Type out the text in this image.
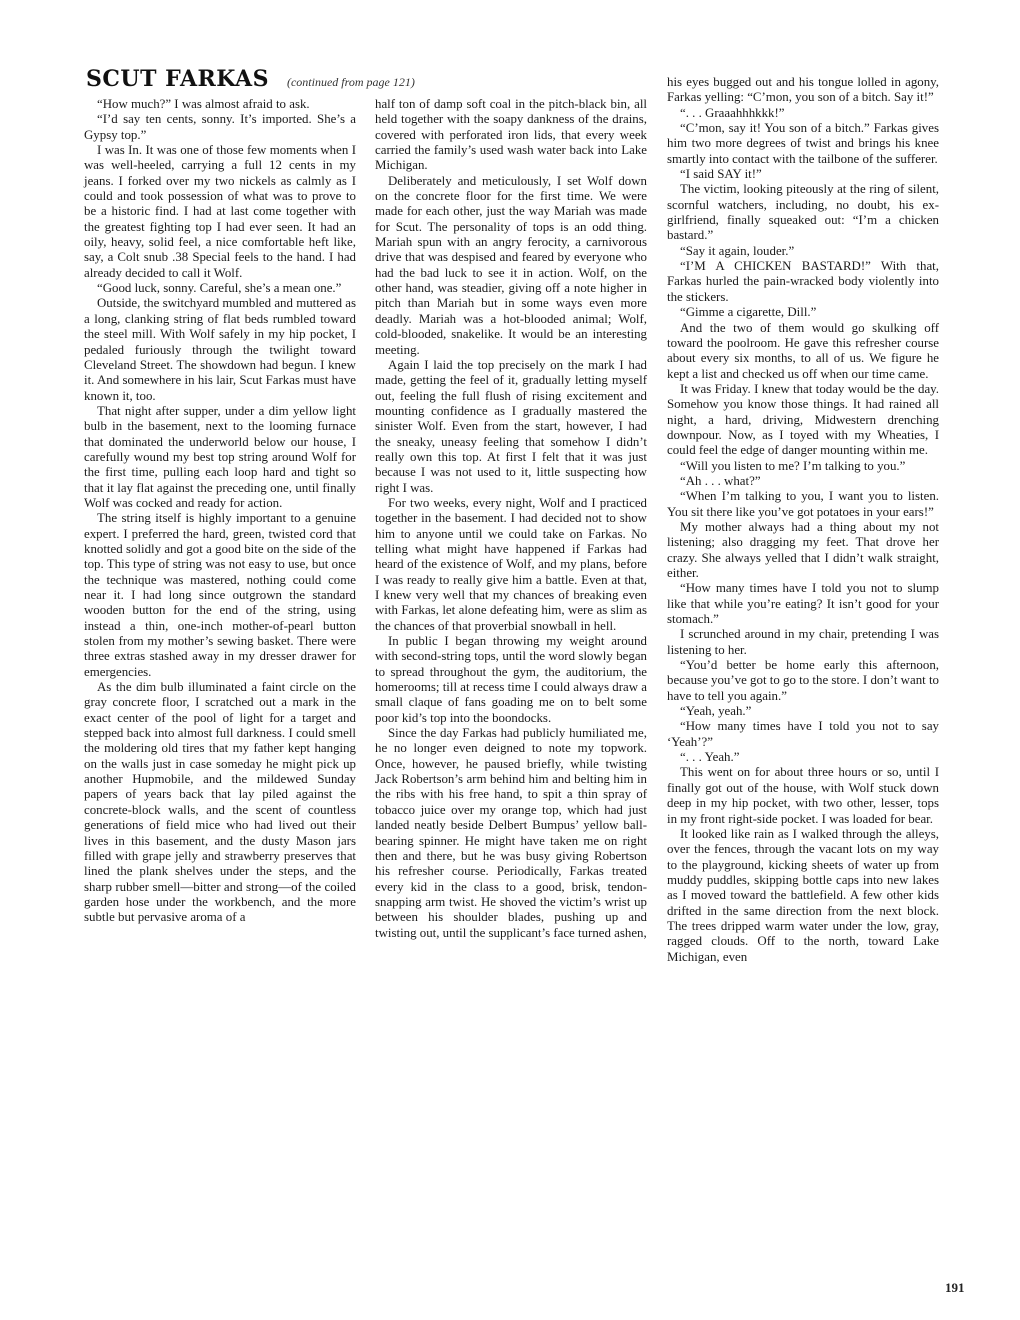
SCUT FARKAS (continued from page 121)

“How much?” I was almost afraid to ask.

“I’d say ten cents, sonny. It’s imported. She’s a Gypsy top.”

I was In. It was one of those few moments when I was well-heeled, carrying a full 12 cents in my jeans. I forked over my two nickels as calmly as I could and took possession of what was to prove to be a historic find. I had at last come together with the greatest fighting top I had ever seen. It had an oily, heavy, solid feel, a nice comfortable heft like, say, a Colt snub .38 Special feels to the hand. I had already decided to call it Wolf.

“Good luck, sonny. Careful, she’s a mean one.”

Outside, the switchyard mumbled and muttered as a long, clanking string of flat beds rumbled toward the steel mill. With Wolf safely in my hip pocket, I pedaled furiously through the twilight toward Cleveland Street. The showdown had begun. I knew it. And somewhere in his lair, Scut Farkas must have known it, too.

That night after supper, under a dim yellow light bulb in the basement, next to the looming furnace that dominated the underworld below our house, I carefully wound my best top string around Wolf for the first time, pulling each loop hard and tight so that it lay flat against the preceding one, until finally Wolf was cocked and ready for action.

The string itself is highly important to a genuine expert. I preferred the hard, green, twisted cord that knotted solidly and got a good bite on the side of the top. This type of string was not easy to use, but once the technique was mastered, nothing could come near it. I had long since outgrown the standard wooden button for the end of the string, using instead a thin, one-inch mother-of-pearl button stolen from my mother’s sewing basket. There were three extras stashed away in my dresser drawer for emergencies.

As the dim bulb illuminated a faint circle on the gray concrete floor, I scratched out a mark in the exact center of the pool of light for a target and stepped back into almost full darkness. I could smell the moldering old tires that my father kept hanging on the walls just in case someday he might pick up another Hupmobile, and the mildewed Sunday papers of years back that lay piled against the concrete-block walls, and the scent of countless generations of field mice who had lived out their lives in this basement, and the dusty Mason jars filled with grape jelly and strawberry preserves that lined the plank shelves under the steps, and the sharp rubber smell—bitter and strong—of the coiled garden hose under the workbench, and the more subtle but pervasive aroma of a

half ton of damp soft coal in the pitch-black bin, all held together with the soapy dankness of the drains, covered with perforated iron lids, that every week carried the family’s used wash water back into Lake Michigan.

Deliberately and meticulously, I set Wolf down on the concrete floor for the first time. We were made for each other, just the way Mariah was made for Scut. The personality of tops is an odd thing. Mariah spun with an angry ferocity, a carnivorous drive that was despised and feared by everyone who had the bad luck to see it in action. Wolf, on the other hand, was steadier, giving off a note higher in pitch than Mariah but in some ways even more deadly. Mariah was a hot-blooded animal; Wolf, cold-blooded, snakelike. It would be an interesting meeting.

Again I laid the top precisely on the mark I had made, getting the feel of it, gradually letting myself out, feeling the full flush of rising excitement and mounting confidence as I gradually mastered the sinister Wolf. Even from the start, however, I had the sneaky, uneasy feeling that somehow I didn’t really own this top. At first I felt that it was just because I was not used to it, little suspecting how right I was.

For two weeks, every night, Wolf and I practiced together in the basement. I had decided not to show him to anyone until we could take on Farkas. No telling what might have happened if Farkas had heard of the existence of Wolf, and my plans, before I was ready to really give him a battle. Even at that, I knew very well that my chances of breaking even with Farkas, let alone defeating him, were as slim as the chances of that proverbial snowball in hell.

In public I began throwing my weight around with second-string tops, until the word slowly began to spread throughout the gym, the auditorium, the homerooms; till at recess time I could always draw a small claque of fans goading me on to belt some poor kid’s top into the boondocks.

Since the day Farkas had publicly humiliated me, he no longer even deigned to note my topwork. Once, however, he paused briefly, while twisting Jack Robertson’s arm behind him and belting him in the ribs with his free hand, to spit a thin spray of tobacco juice over my orange top, which had just landed neatly beside Delbert Bumpus’ yellow ball-bearing spinner. He might have taken me on right then and there, but he was busy giving Robertson his refresher course. Periodically, Farkas treated every kid in the class to a good, brisk, tendon-snapping arm twist. He shoved the victim’s wrist up between his shoulder blades, pushing up and twisting out, until the supplicant’s face turned ashen,

his eyes bugged out and his tongue lolled in agony, Farkas yelling: “C’mon, you son of a bitch. Say it!”

“. . . Graaahhhkkk!”

“C’mon, say it! You son of a bitch.” Farkas gives him two more degrees of twist and brings his knee smartly into contact with the tailbone of the sufferer.

“I said SAY it!”

The victim, looking piteously at the ring of silent, scornful watchers, including, no doubt, his ex-girlfriend, finally squeaked out: “I’m a chicken bastard.”

“Say it again, louder.”

“I’M A CHICKEN BASTARD!” With that, Farkas hurled the pain-wracked body violently into the stickers.

“Gimme a cigarette, Dill.”

And the two of them would go skulking off toward the poolroom. He gave this refresher course about every six months, to all of us. We figure he kept a list and checked us off when our time came.

It was Friday. I knew that today would be the day. Somehow you know those things. It had rained all night, a hard, driving, Midwestern drenching downpour. Now, as I toyed with my Wheaties, I could feel the edge of danger mounting within me.

“Will you listen to me? I’m talking to you.”

“Ah . . . what?”

“When I’m talking to you, I want you to listen. You sit there like you’ve got potatoes in your ears!”

My mother always had a thing about my not listening; also dragging my feet. That drove her crazy. She always yelled that I didn’t walk straight, either.

“How many times have I told you not to slump like that while you’re eating? It isn’t good for your stomach.”

I scrunched around in my chair, pretending I was listening to her.

“You’d better be home early this afternoon, because you’ve got to go to the store. I don’t want to have to tell you again.”

“Yeah, yeah.”

“How many times have I told you not to say ‘Yeah’?”

“. . . Yeah.”

This went on for about three hours or so, until I finally got out of the house, with Wolf stuck down deep in my hip pocket, with two other, lesser, tops in my front right-side pocket. I was loaded for bear.

It looked like rain as I walked through the alleys, over the fences, through the vacant lots on my way to the playground, kicking sheets of water up from muddy puddles, skipping bottle caps into new lakes as I moved toward the battlefield. A few other kids drifted in the same direction from the next block. The trees dripped warm water under the low, gray, ragged clouds. Off to the north, toward Lake Michigan, even

191
